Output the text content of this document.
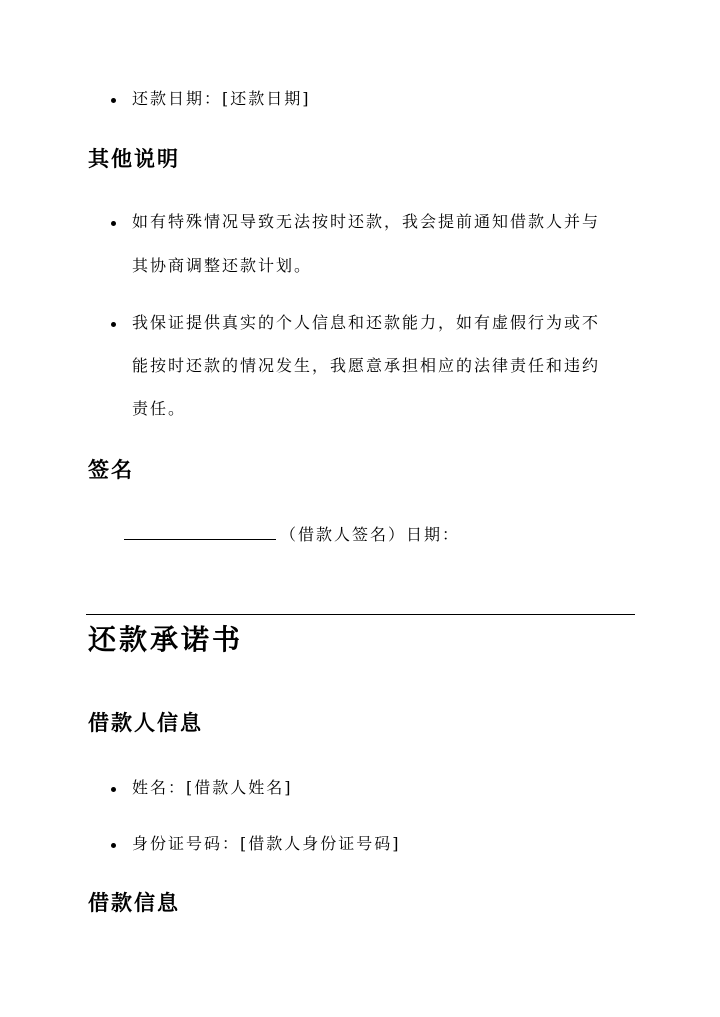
还款日期：[还款日期]
其他说明
如有特殊情况导致无法按时还款，我会提前通知借款人并与
其协商调整还款计划。
我保证提供真实的个人信息和还款能力，如有虚假行为或不
能按时还款的情况发生，我愿意承担相应的法律责任和违约
责任。
签名
（借款人签名）日期：
还款承诺书
借款人信息
姓名：[借款人姓名]
身份证号码：[借款人身份证号码]
借款信息
